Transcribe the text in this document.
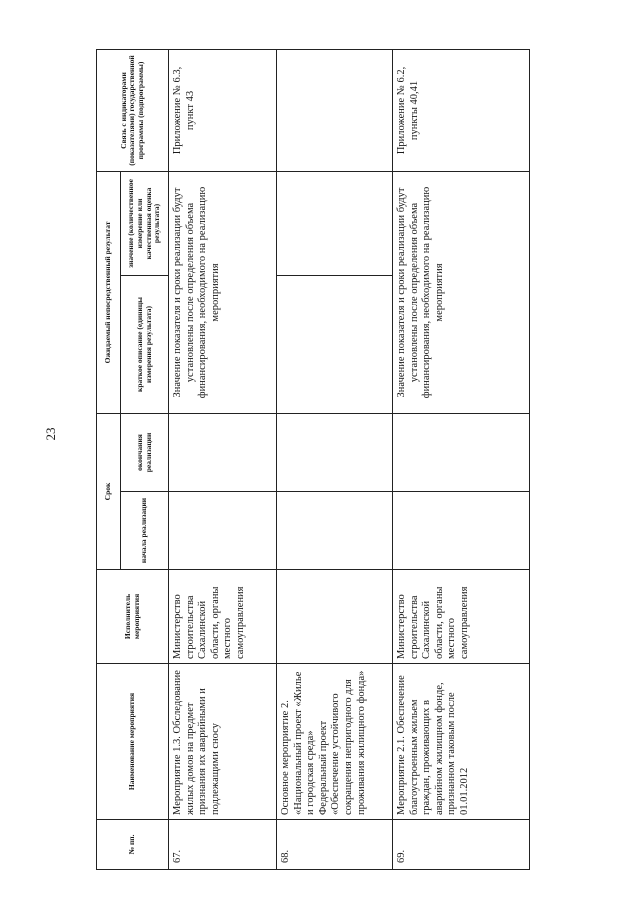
23
№ пп.	Наименование мероприятия	Исполнитель мероприятия	Срок		Ожидаемый непосредственный результат		Связь с индикаторами (показателями) государственной программы (подпрограммы)
			начала реализации	окончания реализации	краткое описание (единицы измерения результата)	значение (количественное измерение или качественная оценка результата)	
67.	Мероприятие 1.3. Обследование жилых домов на предмет признания их аварийными и подлежащими сносу	Министерство строительства Сахалинской области, органы местного самоуправления			Значение показателя и сроки реализации будут установлены после определения объема финансирования, необходимого на реализацию мероприятия		Приложение № 6.3, пункт 43
68.	Основное мероприятие 2. «Национальный проект «Жилье и городская среда» Федеральный проект «Обеспечение устойчивого сокращения непригодного для проживания жилищного фонда»						
69.	Мероприятие 2.1. Обеспечение благоустроенным жильем граждан, проживающих в аварийном жилищном фонде, признанном таковым после 01.01.2012	Министерство строительства Сахалинской области, органы местного самоуправления			Значение показателя и сроки реализации будут установлены после определения объема финансирования, необходимого на реализацию мероприятия		Приложение № 6.2, пункты 40,41
